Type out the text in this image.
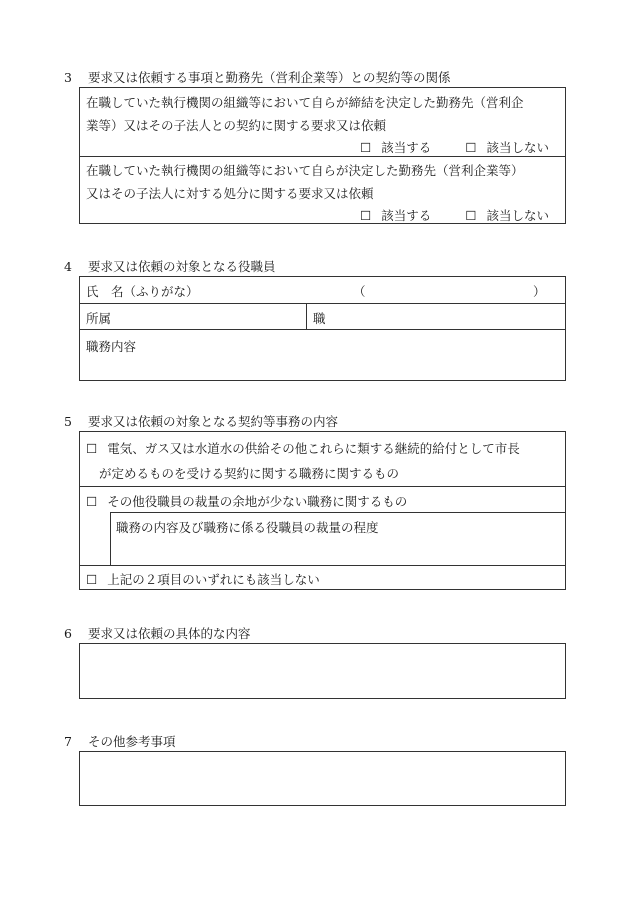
3 要求又は依頼する事項と勤務先（営利企業等）との契約等の関係
在職していた執行機関の組織等において自らが締結を決定した勤務先（営利企
業等）又はその子法人との契約に関する要求又は依頼
☐ 該当する	☐ 該当しない
在職していた執行機関の組織等において自らが決定した勤務先（営利企業等）
又はその子法人に対する処分に関する要求又は依頼
☐ 該当する	☐ 該当しない
4 要求又は依頼の対象となる役職員
氏　名（ふりがな）	（	）
所属	職
職務内容
5 要求又は依頼の対象となる契約等事務の内容
☐ 電気、ガス又は水道水の供給その他これらに類する継続的給付として市長
が定めるものを受ける契約に関する職務に関するもの
☐ その他役職員の裁量の余地が少ない職務に関するもの
職務の内容及び職務に係る役職員の裁量の程度
☐ 上記の２項目のいずれにも該当しない
6 要求又は依頼の具体的な内容
7 その他参考事項
